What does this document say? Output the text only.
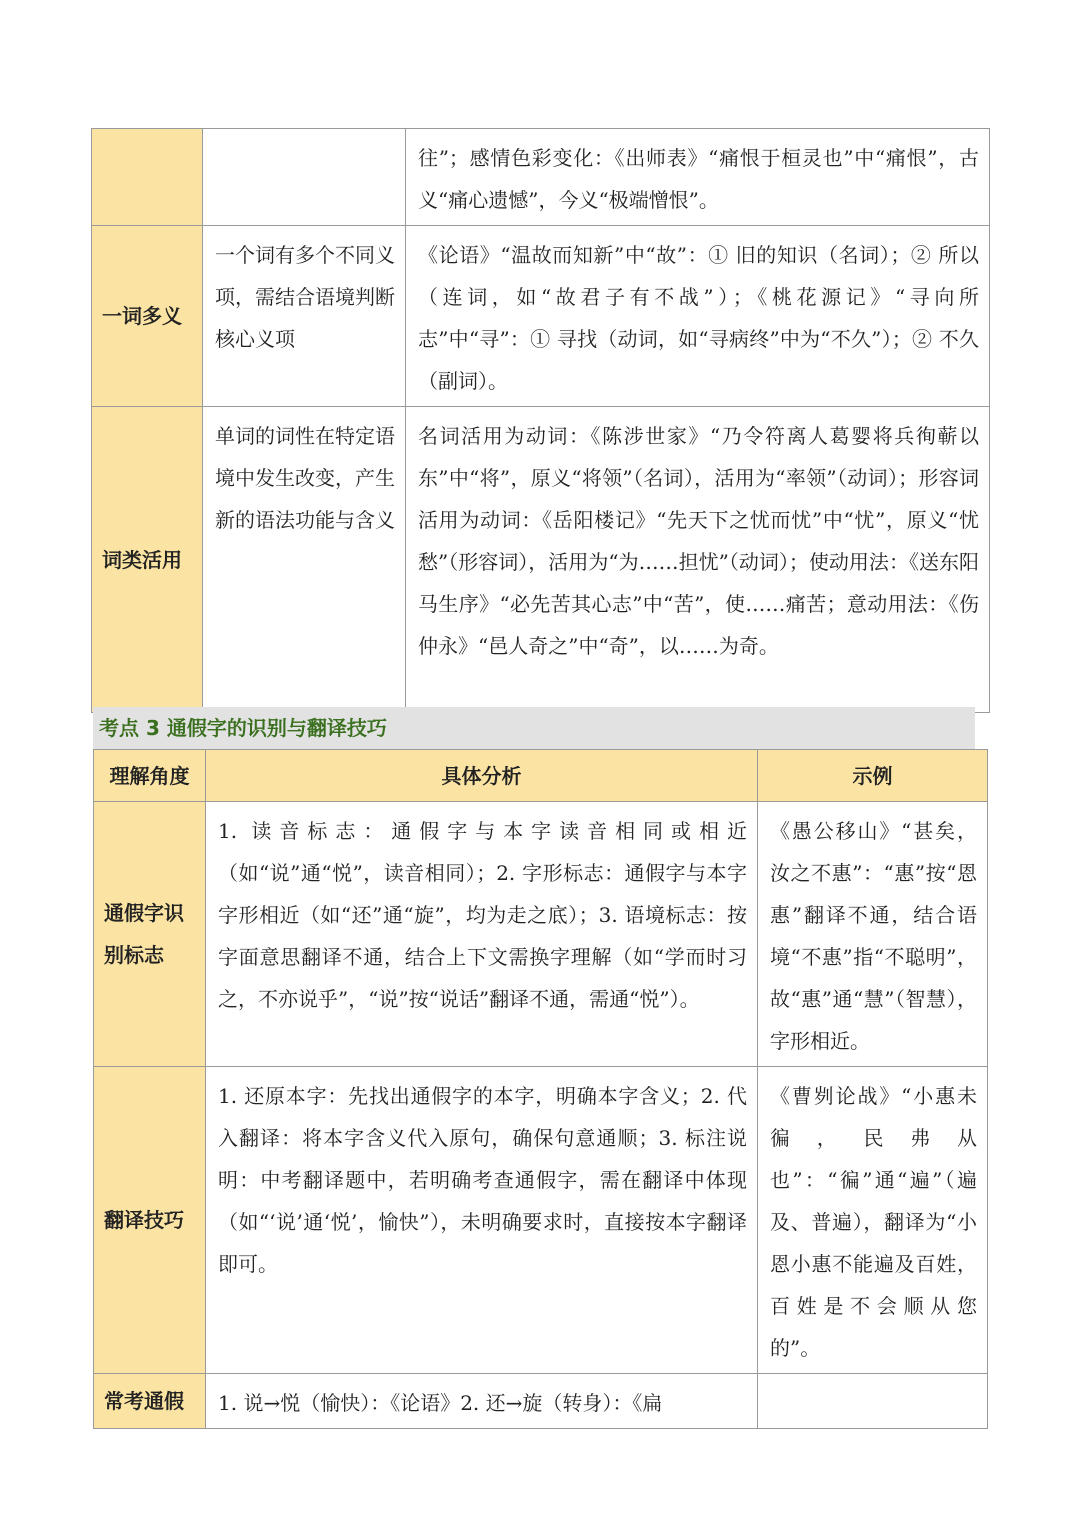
		往”；感情色彩变化：《出师表》“痛恨于桓灵也”中“痛恨”，古义“痛心遗憾”，今义“极端憎恨”。
一词多义	一个词有多个不同义项，需结合语境判断核心义项	《论语》“温故而知新”中“故”：① 旧的知识（名词）；② 所以（连词，如“故君子有不战”）；《桃花源记》“寻向所志”中“寻”：① 寻找（动词，如“寻病终”中为“不久”）；② 不久（副词）。
词类活用	单词的词性在特定语境中发生改变，产生新的语法功能与含义	名词活用为动词：《陈涉世家》“乃令符离人葛婴将兵徇蕲以东”中“将”，原义“将领”（名词），活用为“率领”（动词）；形容词活用为动词：《岳阳楼记》“先天下之忧而忧”中“忧”，原义“忧愁”（形容词），活用为“为……担忧”（动词）；使动用法：《送东阳马生序》“必先苦其心志”中“苦”，使……痛苦；意动用法：《伤仲永》“邑人奇之”中“奇”，以……为奇。
考点 3 通假字的识别与翻译技巧
理解角度	具体分析	示例
通假字识别标志	1. 读音标志：通假字与本字读音相同或相近（如“说”通“悦”，读音相同）；2. 字形标志：通假字与本字字形相近（如“还”通“旋”，均为走之底）；3. 语境标志：按字面意思翻译不通，结合上下文需换字理解（如“学而时习之，不亦说乎”，“说”按“说话”翻译不通，需通“悦”）。	《愚公移山》“甚矣，汝之不惠”：“惠”按“恩惠”翻译不通，结合语境“不惠”指“不聪明”，故“惠”通“慧”（智慧），字形相近。
翻译技巧	1. 还原本字：先找出通假字的本字，明确本字含义；2. 代入翻译：将本字含义代入原句，确保句意通顺；3. 标注说明：中考翻译题中，若明确考查通假字，需在翻译中体现（如“‘说’通‘悦’，愉快”），未明确要求时，直接按本字翻译即可。	《曹刿论战》“小惠未徧，民弗从也”：“徧”通“遍”（遍及、普遍），翻译为“小恩小惠不能遍及百姓，百姓是不会顺从您的”。
常考通假	1. 说→悦（愉快）：《论语》2. 还→旋（转身）：《扁	
